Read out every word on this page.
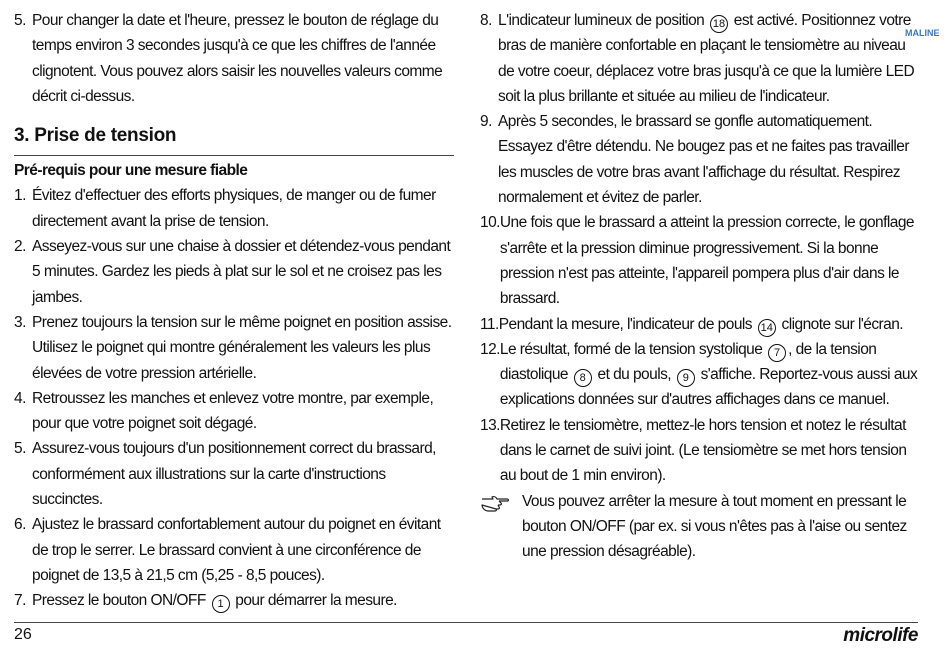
5. Pour changer la date et l'heure, pressez le bouton de réglage du temps environ 3 secondes jusqu'à ce que les chiffres de l'année clignotent. Vous pouvez alors saisir les nouvelles valeurs comme décrit ci-dessus.
3. Prise de tension
Pré-requis pour une mesure fiable
1. Évitez d'effectuer des efforts physiques, de manger ou de fumer directement avant la prise de tension.
2. Asseyez-vous sur une chaise à dossier et détendez-vous pendant 5 minutes. Gardez les pieds à plat sur le sol et ne croisez pas les jambes.
3. Prenez toujours la tension sur le même poignet en position assise. Utilisez le poignet qui montre généralement les valeurs les plus élevées de votre pression artérielle.
4. Retroussez les manches et enlevez votre montre, par exemple, pour que votre poignet soit dégagé.
5. Assurez-vous toujours d'un positionnement correct du brassard, conformément aux illustrations sur la carte d'instructions succinctes.
6. Ajustez le brassard confortablement autour du poignet en évitant de trop le serrer. Le brassard convient à une circonférence de poignet de 13,5 à 21,5 cm (5,25 - 8,5 pouces).
7. Pressez le bouton ON/OFF 1 pour démarrer la mesure.
8. L'indicateur lumineux de position 18 est activé. Positionnez votre bras de manière confortable en plaçant le tensiomètre au niveau de votre coeur, déplacez votre bras jusqu'à ce que la lumière LED soit la plus brillante et située au milieu de l'indicateur.
9. Après 5 secondes, le brassard se gonfle automatiquement. Essayez d'être détendu. Ne bougez pas et ne faites pas travailler les muscles de votre bras avant l'affichage du résultat. Respirez normalement et évitez de parler.
10. Une fois que le brassard a atteint la pression correcte, le gonflage s'arrête et la pression diminue progressivement. Si la bonne pression n'est pas atteinte, l'appareil pompera plus d'air dans le brassard.
11. Pendant la mesure, l'indicateur de pouls 14 clignote sur l'écran.
12. Le résultat, formé de la tension systolique 7 , de la tension diastolique 8 et du pouls, 9 s'affiche. Reportez-vous aussi aux explications données sur d'autres affichages dans ce manuel.
13. Retirez le tensiomètre, mettez-le hors tension et notez le résultat dans le carnet de suivi joint. (Le tensiomètre se met hors tension au bout de 1 min environ).
Vous pouvez arrêter la mesure à tout moment en pressant le bouton ON/OFF (par ex. si vous n'êtes pas à l'aise ou sentez une pression désagréable).
MALINE
26	microlife
